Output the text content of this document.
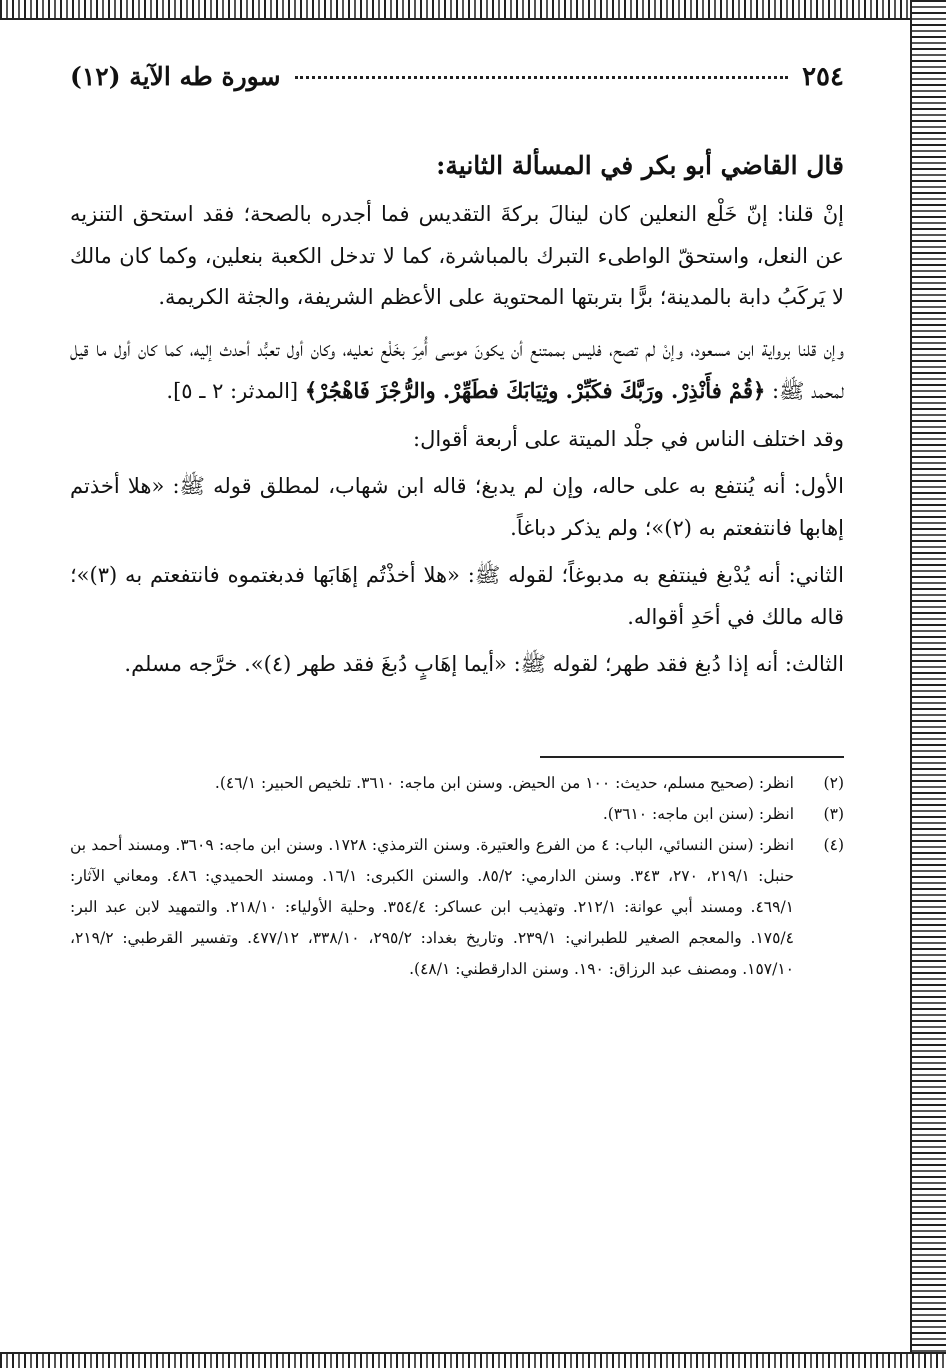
٢٥٤
سورة طه الآية (١٢)
قال القاضي أبو بكر في المسألة الثانية:
إنْ قلنا: إنّ خَلْع النعلين كان لينالَ بركةَ التقديس فما أجدره بالصحة؛ فقد استحق التنزيه عن النعل، واستحقّ الواطىء التبرك بالمباشرة، كما لا تدخل الكعبة بنعلين، وكما كان مالك لا يَركَبُ دابة بالمدينة؛ برًّا بتربتها المحتوية على الأعظم الشريفة، والجثة الكريمة.
وإن قلنا برواية ابن مسعود، وإنْ لم تصح، فليس بممتنع أن يكونَ موسى أُمِرَ بخَلْع نعليه، وكان أول تعبُّد أحدث إليه، كما كان أول ما قيل لمحمد ﷺ: ﴿قُمْ فأَنْذِرْ. ورَبَّكَ فكَبِّرْ. وثِيَابَكَ فطَهِّرْ. والرُّجْزَ فَاهْجُرْ﴾ [المدثر: ٢ ـ ٥].
وقد اختلف الناس في جلْد الميتة على أربعة أقوال:
الأول: أنه يُنتفع به على حاله، وإن لم يدبغ؛ قاله ابن شهاب، لمطلق قوله ﷺ: «هلا أخذتم إهابها فانتفعتم به (٢)»؛ ولم يذكر دباغاً.
الثاني: أنه يُدْبغ فينتفع به مدبوغاً؛ لقوله ﷺ: «هلا أخذْتُم إهَابَها فدبغتموه فانتفعتم به (٣)»؛ قاله مالك في أحَدِ أقواله.
الثالث: أنه إذا دُبغ فقد طهر؛ لقوله ﷺ: «أيما إهَابٍ دُبغَ فقد طهر (٤)». خرَّجه مسلم.
(٢)
انظر: (صحيح مسلم، حديث: ١٠٠ من الحيض. وسنن ابن ماجه: ٣٦١٠. تلخيص الحبير: ٤٦/١).
(٣)
انظر: (سنن ابن ماجه: ٣٦١٠).
(٤)
انظر: (سنن النسائي، الباب: ٤ من الفرع والعتيرة. وسنن الترمذي: ١٧٢٨. وسنن ابن ماجه: ٣٦٠٩. ومسند أحمد بن حنبل: ٢١٩/١، ٢٧٠، ٣٤٣. وسنن الدارمي: ٨٥/٢. والسنن الكبرى: ١٦/١. ومسند الحميدي: ٤٨٦. ومعاني الآثار: ٤٦٩/١. ومسند أبي عوانة: ٢١٢/١. وتهذيب ابن عساكر: ٣٥٤/٤. وحلية الأولياء: ٢١٨/١٠. والتمهيد لابن عبد البر: ١٧٥/٤. والمعجم الصغير للطبراني: ٢٣٩/١. وتاريخ بغداد: ٢٩٥/٢، ٣٣٨/١٠، ٤٧٧/١٢. وتفسير القرطبي: ٢١٩/٢، ١٥٧/١٠. ومصنف عبد الرزاق: ١٩٠. وسنن الدارقطني: ٤٨/١).
